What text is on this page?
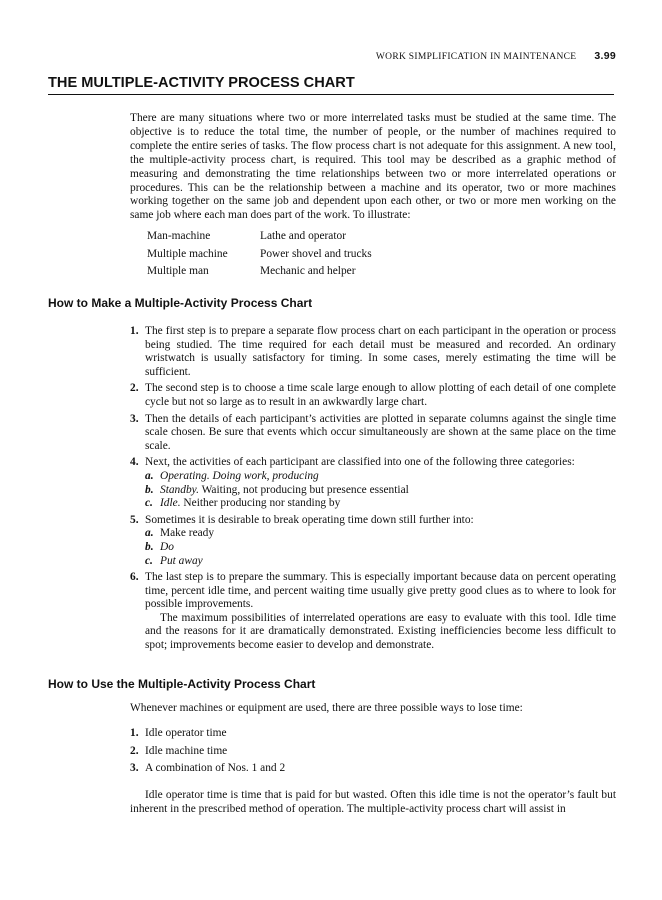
WORK SIMPLIFICATION IN MAINTENANCE 3.99
THE MULTIPLE-ACTIVITY PROCESS CHART

There are many situations where two or more interrelated tasks must be studied at the same time. The objective is to reduce the total time, the number of people, or the number of machines required to complete the entire series of tasks. The flow process chart is not adequate for this assignment. A new tool, the multiple-activity process chart, is required. This tool may be described as a graphic method of measuring and demonstrating the time relationships between two or more interrelated operations or procedures. This can be the relationship between a machine and its operator, two or more machines working together on the same job and dependent upon each other, or two or more men working on the same job where each man does part of the work. To illustrate:

Man-machine	Lathe and operator
Multiple machine	Power shovel and trucks
Multiple man	Mechanic and helper
How to Make a Multiple-Activity Process Chart
1. The first step is to prepare a separate flow process chart on each participant in the operation or process being studied. The time required for each detail must be measured and recorded. An ordinary wristwatch is usually satisfactory for timing. In some cases, merely estimating the time will be sufficient.
2. The second step is to choose a time scale large enough to allow plotting of each detail of one complete cycle but not so large as to result in an awkwardly large chart.
3. Then the details of each participant’s activities are plotted in separate columns against the single time scale chosen. Be sure that events which occur simultaneously are shown at the same place on the time scale.
4. Next, the activities of each participant are classified into one of the following three categories:
a. Operating. Doing work, producing
b. Standby. Waiting, not producing but presence essential
c. Idle. Neither producing nor standing by
5. Sometimes it is desirable to break operating time down still further into:
a. Make ready
b. Do
c. Put away
6. The last step is to prepare the summary. This is especially important because data on percent operating time, percent idle time, and percent waiting time usually give pretty good clues as to where to look for possible improvements.
The maximum possibilities of interrelated operations are easy to evaluate with this tool. Idle time and the reasons for it are dramatically demonstrated. Existing inefficiencies become less difficult to spot; improvements become easier to develop and demonstrate.
How to Use the Multiple-Activity Process Chart

Whenever machines or equipment are used, there are three possible ways to lose time:

1. Idle operator time
2. Idle machine time
3. A combination of Nos. 1 and 2

Idle operator time is time that is paid for but wasted. Often this idle time is not the operator’s fault but inherent in the prescribed method of operation. The multiple-activity process chart will assist in
